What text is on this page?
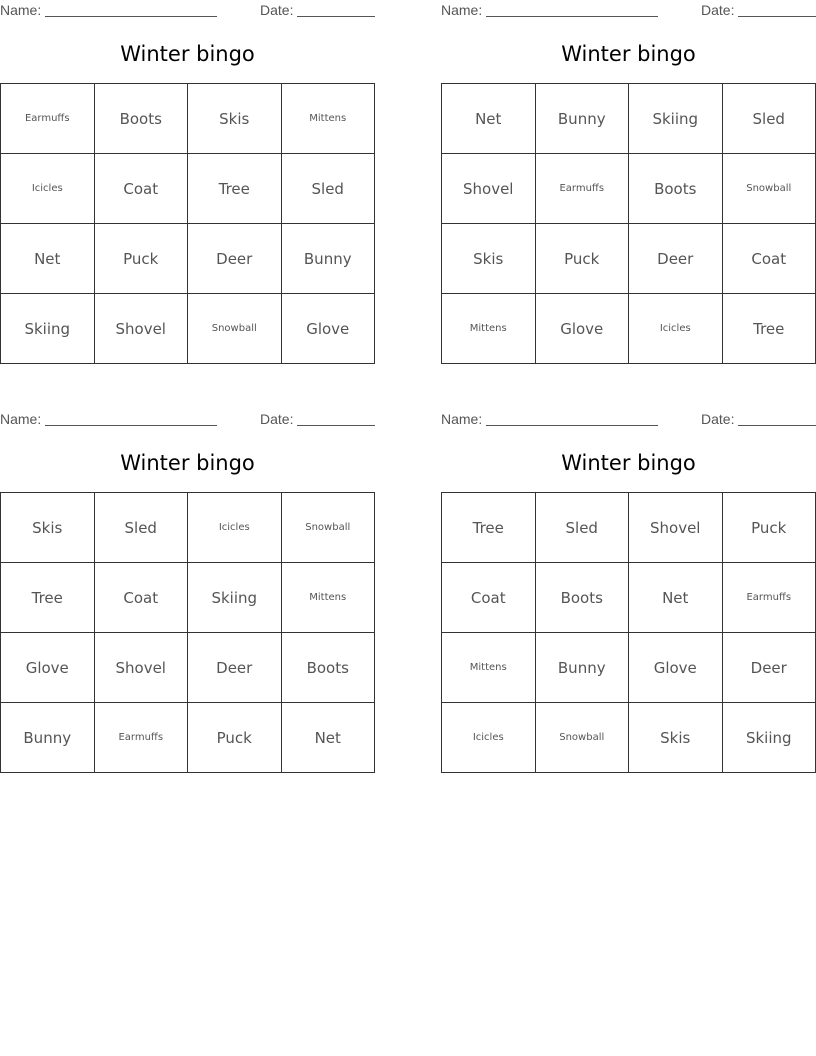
Name:	Date:
Winter bingo
Earmuffs	Boots	Skis	Mittens
Icicles	Coat	Tree	Sled
Net	Puck	Deer	Bunny
Skiing	Shovel	Snowball	Glove
Name:	Date:
Winter bingo
Net	Bunny	Skiing	Sled
Shovel	Earmuffs	Boots	Snowball
Skis	Puck	Deer	Coat
Mittens	Glove	Icicles	Tree
Name:	Date:
Winter bingo
Skis	Sled	Icicles	Snowball
Tree	Coat	Skiing	Mittens
Glove	Shovel	Deer	Boots
Bunny	Earmuffs	Puck	Net
Name:	Date:
Winter bingo
Tree	Sled	Shovel	Puck
Coat	Boots	Net	Earmuffs
Mittens	Bunny	Glove	Deer
Icicles	Snowball	Skis	Skiing
